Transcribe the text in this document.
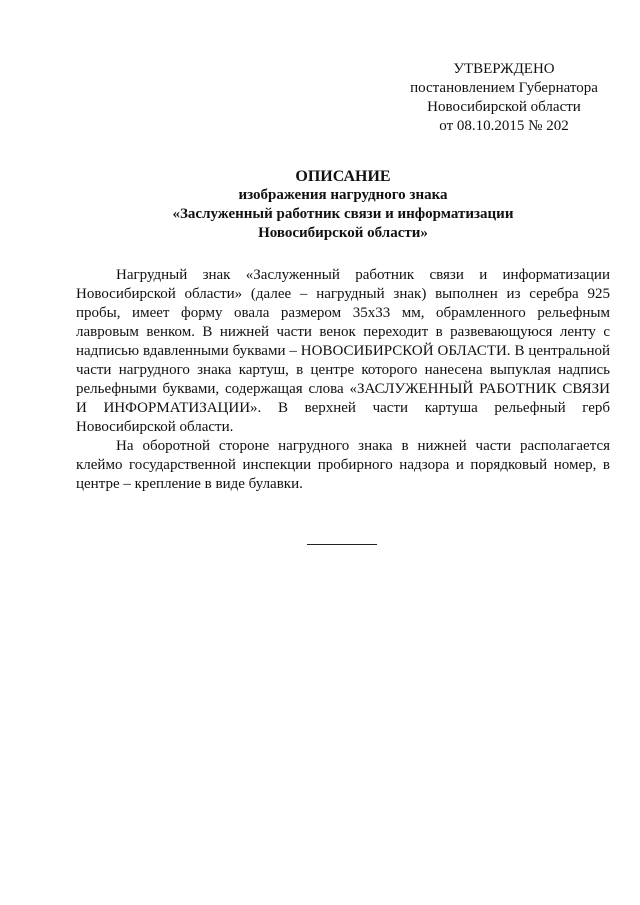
УТВЕРЖДЕНО
постановлением Губернатора
Новосибирской области
от 08.10.2015 № 202
ОПИСАНИЕ
изображения нагрудного знака
«Заслуженный работник связи и информатизации
Новосибирской области»

Нагрудный знак «Заслуженный работник связи и информатизации Новосибирской области» (далее – нагрудный знак) выполнен из серебра 925 пробы, имеет форму овала размером 35х33 мм, обрамленного рельефным лавровым венком. В нижней части венок переходит в развевающуюся ленту с надписью вдавленными буквами – НОВОСИБИРСКОЙ ОБЛАСТИ. В центральной части нагрудного знака картуш, в центре которого нанесена выпуклая надпись рельефными буквами, содержащая слова «ЗАСЛУЖЕННЫЙ РАБОТНИК СВЯЗИ И ИНФОРМАТИЗАЦИИ». В верхней части картуша рельефный герб Новосибирской области.

На оборотной стороне нагрудного знака в нижней части располагается клеймо государственной инспекции пробирного надзора и порядковый номер, в центре – крепление в виде булавки.
